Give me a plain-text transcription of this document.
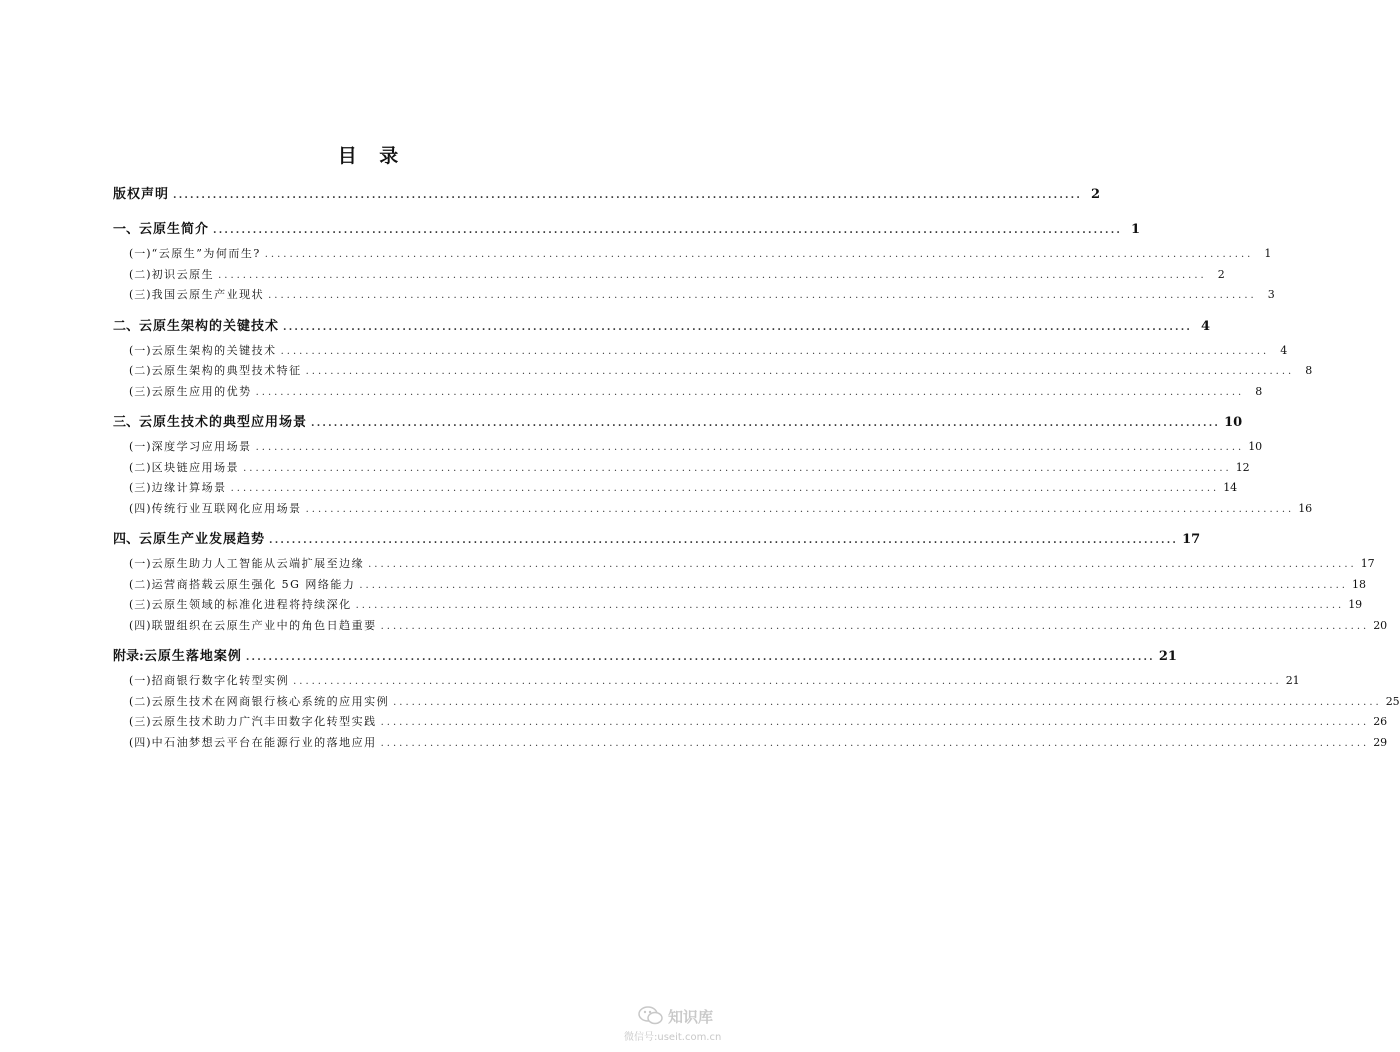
目 录
版权声明 ................................................................................................................................................................ 2
一、 云原生简介 ................................................................................................................................................................ 1
(一) “云原生”为何而生? ................................................................................................................................................................	1
(二) 初识云原生 ................................................................................................................................................................	2
(三) 我国云原生产业现状 ................................................................................................................................................................	3
二、 云原生架构的关键技术 ................................................................................................................................................................ 4
(一) 云原生架构的关键技术 ................................................................................................................................................................	4
(二) 云原生架构的典型技术特征 ................................................................................................................................................................	8
(三) 云原生应用的优势 ................................................................................................................................................................	8
三、 云原生技术的典型应用场景 ................................................................................................................................................................ 10
(一) 深度学习应用场景 ................................................................................................................................................................ 10
(二) 区块链应用场景 ................................................................................................................................................................ 12
(三) 边缘计算场景 ................................................................................................................................................................ 14
(四) 传统行业互联网化应用场景 ................................................................................................................................................................ 16
四、 云原生产业发展趋势 ................................................................................................................................................................ 17
(一) 云原生助力人工智能从云端扩展至边缘 ................................................................................................................................................................ 17
(二) 运营商搭载云原生强化 5G 网络能力 ................................................................................................................................................................ 18
(三) 云原生领域的标准化进程将持续深化 ................................................................................................................................................................ 19
(四) 联盟组织在云原生产业中的角色日趋重要 ................................................................................................................................................................ 20
附录: 云原生落地案例 ................................................................................................................................................................ 21
(一) 招商银行数字化转型实例 ................................................................................................................................................................ 21
(二) 云原生技术在网商银行核心系统的应用实例 ................................................................................................................................................................ 25
(三) 云原生技术助力广汽丰田数字化转型实践 ................................................................................................................................................................ 26
(四) 中石油梦想云平台在能源行业的落地应用 ................................................................................................................................................................ 29
知识库
微信号:useit.com.cn
